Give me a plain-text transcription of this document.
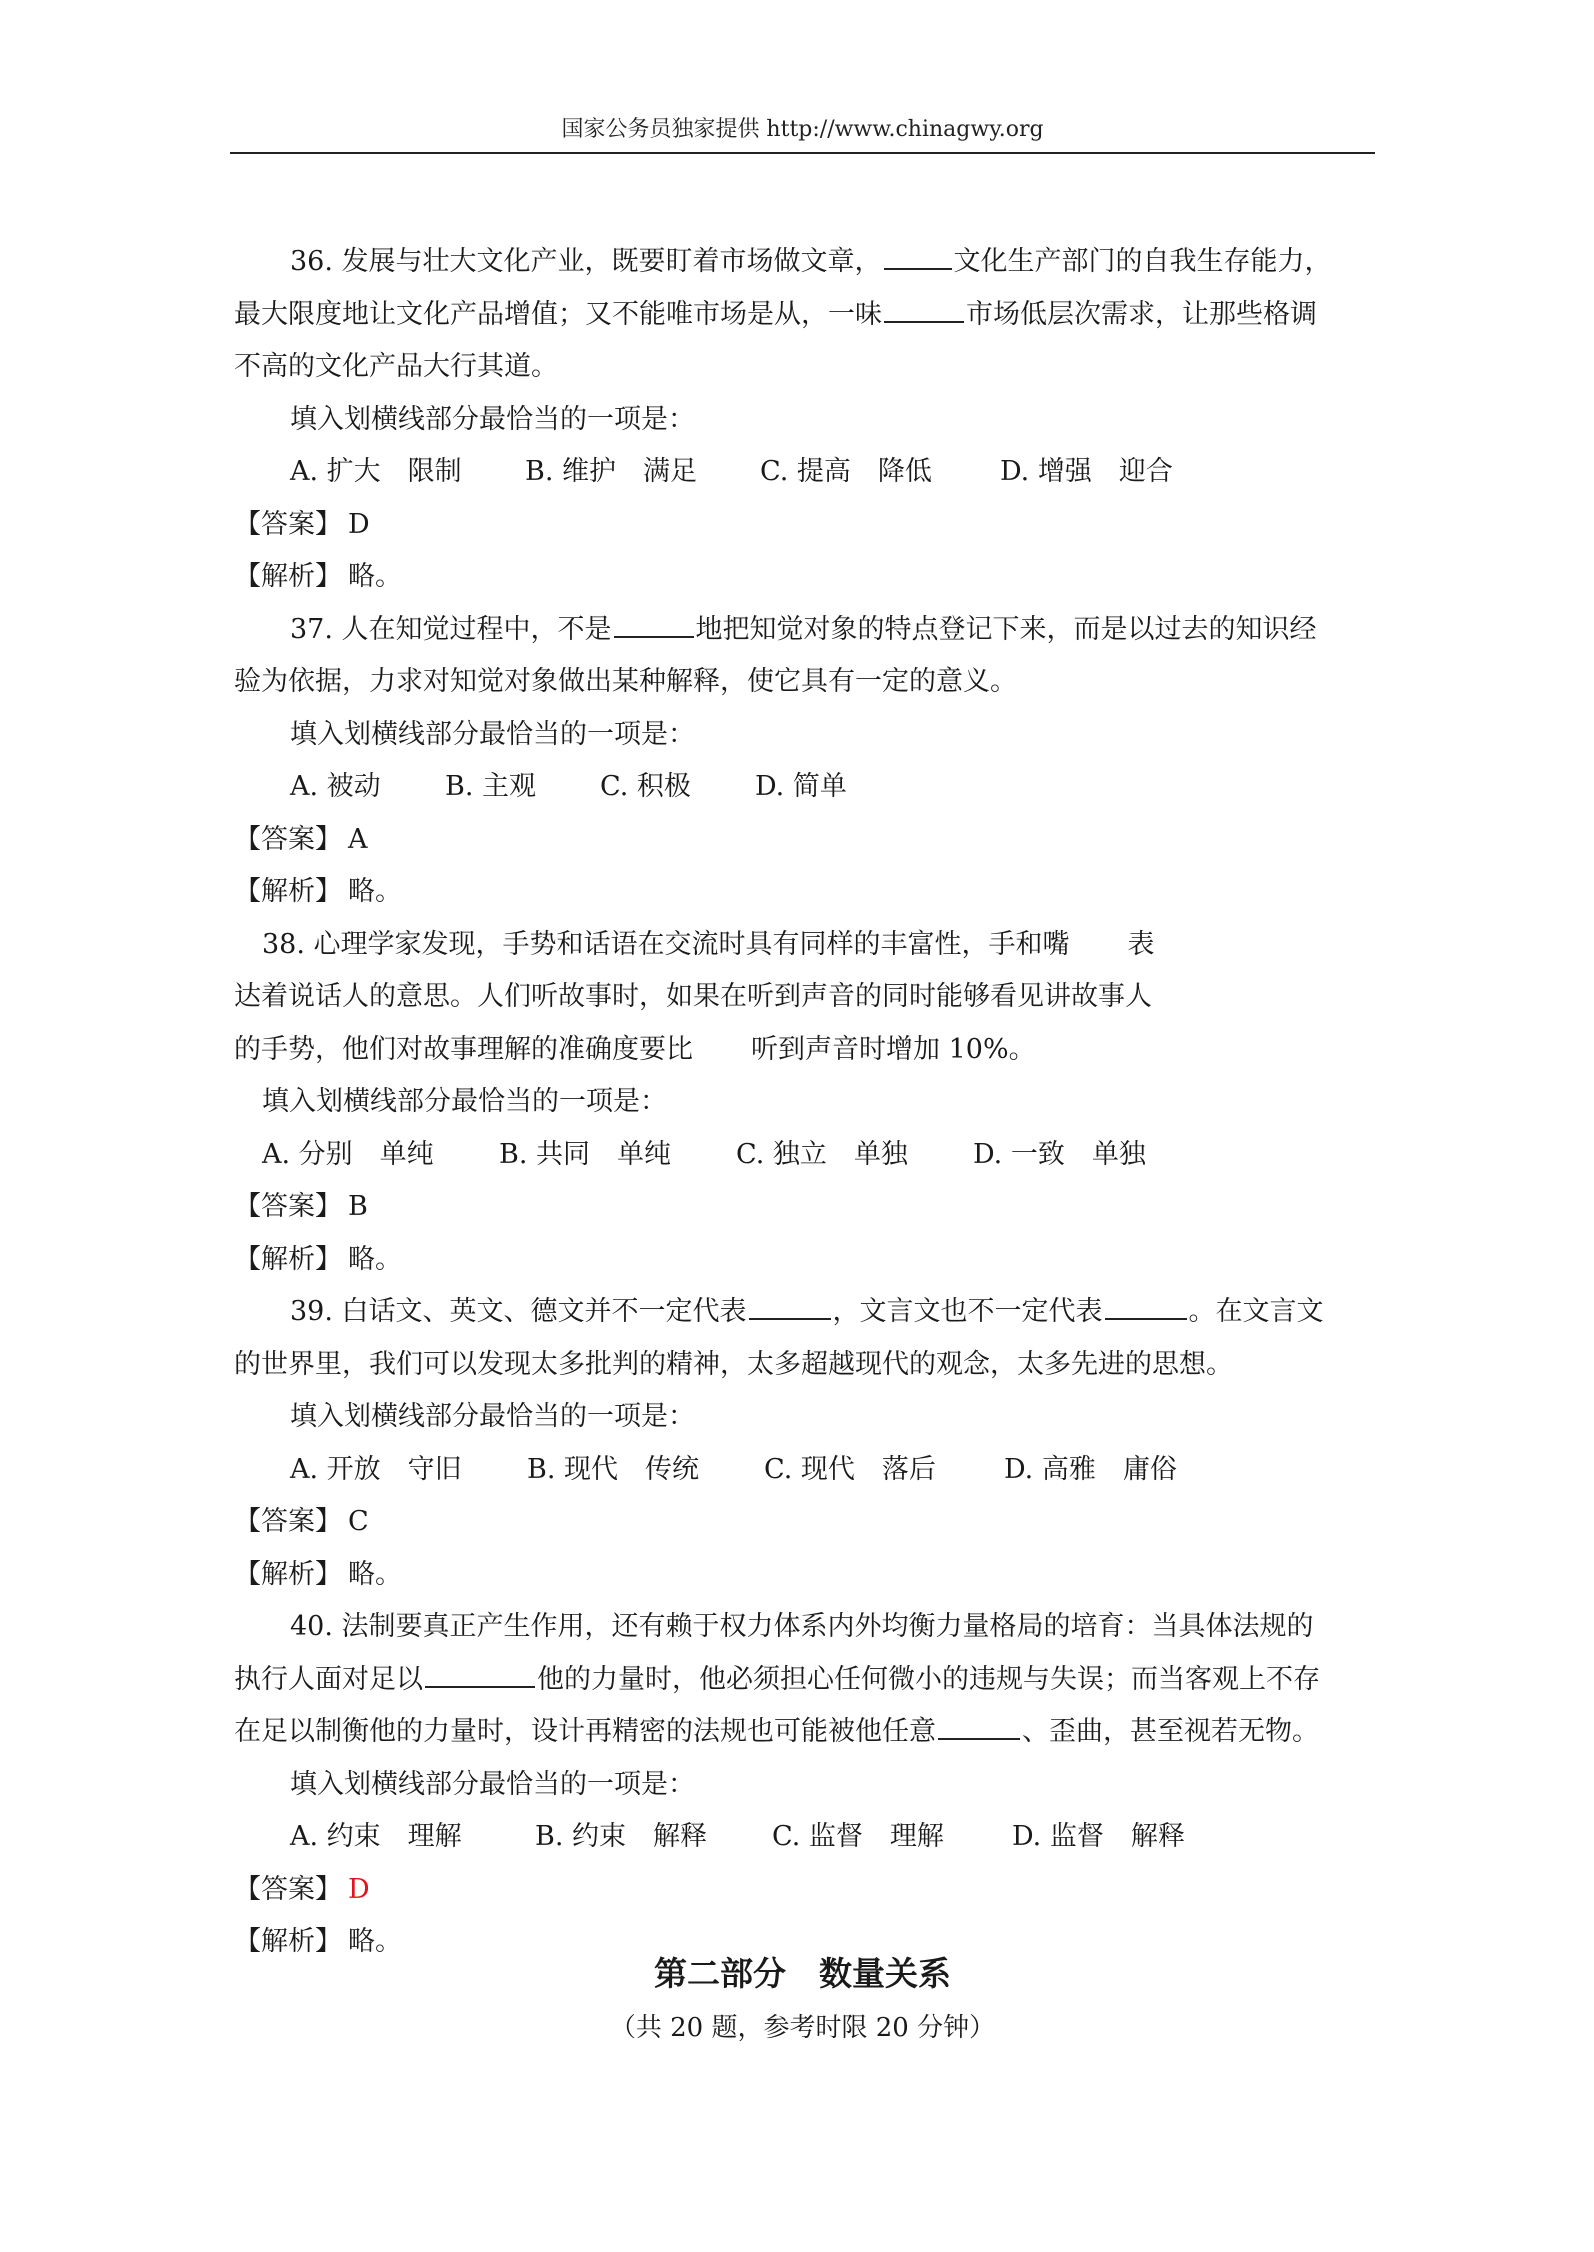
国家公务员独家提供 http://www.chinagwy.org
36. 发展与壮大文化产业，既要盯着市场做文章，	文化生产部门的自我生存能力，
最大限度地让文化产品增值；又不能唯市场是从，一味	市场低层次需求，让那些格调
不高的文化产品大行其道。
填入划横线部分最恰当的一项是：
A. 扩大　限制 B. 维护　满足 C. 提高　降低	D. 增强　迎合
【答案】 D
【解析】 略。
37. 人在知觉过程中，不是	地把知觉对象的特点登记下来，而是以过去的知识经
验为依据，力求对知觉对象做出某种解释，使它具有一定的意义。
填入划横线部分最恰当的一项是：
A. 被动 B. 主观 C. 积极 D. 简单
【答案】 A
【解析】 略。
38. 心理学家发现，手势和话语在交流时具有同样的丰富性，手和嘴 表
达着说话人的意思。人们听故事时，如果在听到声音的同时能够看见讲故事人
的手势，他们对故事理解的准确度要比 听到声音时增加 10%。
填入划横线部分最恰当的一项是：
A. 分别　单纯 B. 共同　单纯 C. 独立　单独 D. 一致　单独
【答案】 B
【解析】 略。
39. 白话文、英文、德文并不一定代表	，文言文也不一定代表	。在文言文
的世界里，我们可以发现太多批判的精神，太多超越现代的观念，太多先进的思想。
填入划横线部分最恰当的一项是：
A. 开放　守旧 B. 现代　传统 C. 现代　落后	D. 高雅　庸俗
【答案】 C
【解析】 略。
40. 法制要真正产生作用，还有赖于权力体系内外均衡力量格局的培育：当具体法规的
执行人面对足以	他的力量时，他必须担心任何微小的违规与失误；而当客观上不存
在足以制衡他的力量时，设计再精密的法规也可能被他任意	、歪曲，甚至视若无物。
填入划横线部分最恰当的一项是：
A. 约束　理解	B. 约束　解释 C. 监督　理解	D. 监督　解释
【答案】 D
【解析】 略。
第二部分　数量关系
（共 20 题，参考时限 20 分钟）
